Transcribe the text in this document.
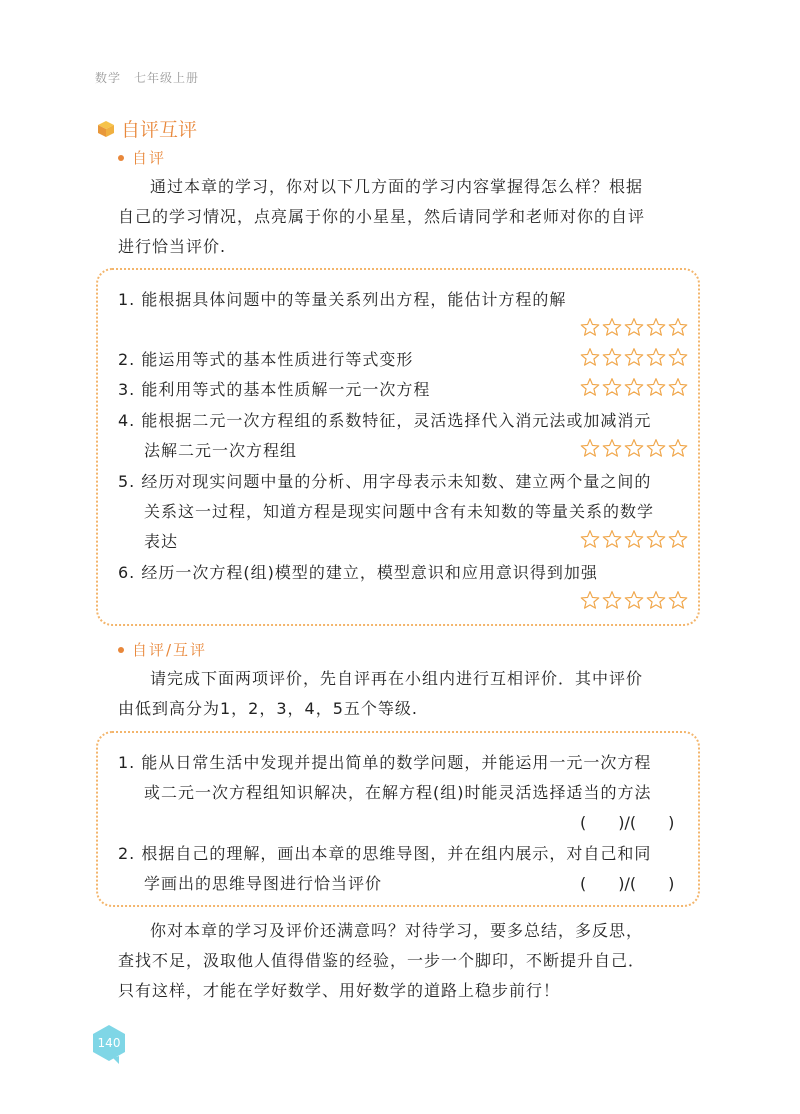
数学　七年级上册
自评互评
自评
通过本章的学习，你对以下几方面的学习内容掌握得怎么样？根据
自己的学习情况，点亮属于你的小星星，然后请同学和老师对你的自评
进行恰当评价.
1. 能根据具体问题中的等量关系列出方程，能估计方程的解
2. 能运用等式的基本性质进行等式变形
3. 能利用等式的基本性质解一元一次方程
4. 能根据二元一次方程组的系数特征，灵活选择代入消元法或加减消元
法解二元一次方程组
5. 经历对现实问题中量的分析、用字母表示未知数、建立两个量之间的
关系这一过程，知道方程是现实问题中含有未知数的等量关系的数学
表达
6. 经历一次方程(组)模型的建立，模型意识和应用意识得到加强
自评/互评
请完成下面两项评价，先自评再在小组内进行互相评价．其中评价
由低到高分为1，2，3，4，5五个等级.
1. 能从日常生活中发现并提出简单的数学问题，并能运用一元一次方程
或二元一次方程组知识解决，在解方程(组)时能灵活选择适当的方法
(　　)/(　　)
2. 根据自己的理解，画出本章的思维导图，并在组内展示，对自己和同
学画出的思维导图进行恰当评价	(　　)/(　　)
你对本章的学习及评价还满意吗？对待学习，要多总结，多反思，
查找不足，汲取他人值得借鉴的经验，一步一个脚印，不断提升自己．
只有这样，才能在学好数学、用好数学的道路上稳步前行！
140
